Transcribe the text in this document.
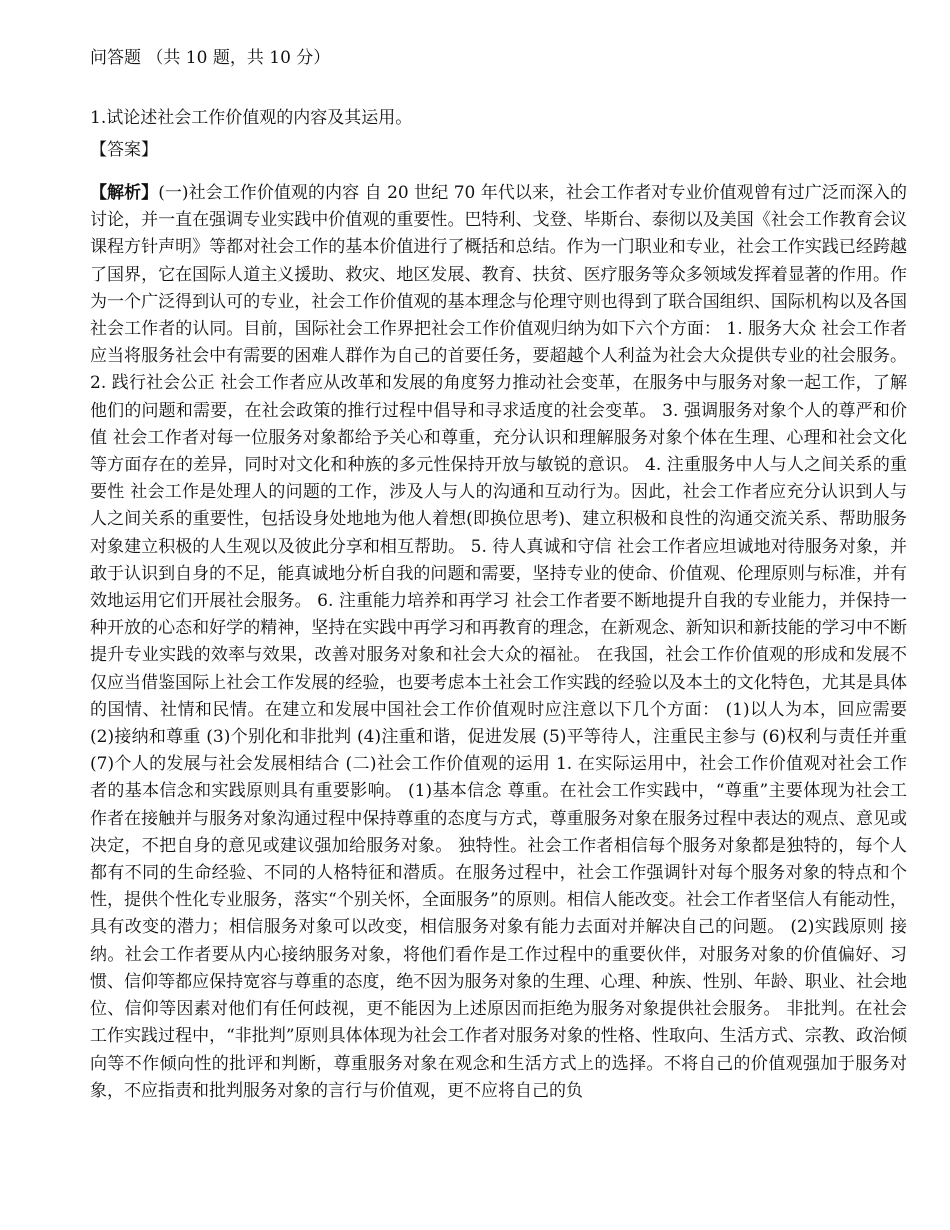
问答题 （共 10 题，共 10 分）
1.试论述社会工作价值观的内容及其运用。
【答案】

【解析】(一)社会工作价值观的内容 自 20 世纪 70 年代以来，社会工作者对专业价值观曾有过广泛而深入的讨论，并一直在强调专业实践中价值观的重要性。巴特利、戈登、毕斯台、泰彻以及美国《社会工作教育会议课程方针声明》等都对社会工作的基本价值进行了概括和总结。作为一门职业和专业，社会工作实践已经跨越了国界，它在国际人道主义援助、救灾、地区发展、教育、扶贫、医疗服务等众多领域发挥着显著的作用。作为一个广泛得到认可的专业，社会工作价值观的基本理念与伦理守则也得到了联合国组织、国际机构以及各国社会工作者的认同。目前，国际社会工作界把社会工作价值观归纳为如下六个方面： 1. 服务大众 社会工作者应当将服务社会中有需要的困难人群作为自己的首要任务，要超越个人利益为社会大众提供专业的社会服务。 2. 践行社会公正 社会工作者应从改革和发展的角度努力推动社会变革，在服务中与服务对象一起工作，了解他们的问题和需要，在社会政策的推行过程中倡导和寻求适度的社会变革。 3. 强调服务对象个人的尊严和价值 社会工作者对每一位服务对象都给予关心和尊重，充分认识和理解服务对象个体在生理、心理和社会文化等方面存在的差异，同时对文化和种族的多元性保持开放与敏锐的意识。 4. 注重服务中人与人之间关系的重要性 社会工作是处理人的问题的工作，涉及人与人的沟通和互动行为。因此，社会工作者应充分认识到人与人之间关系的重要性，包括设身处地地为他人着想(即换位思考)、建立积极和良性的沟通交流关系、帮助服务对象建立积极的人生观以及彼此分享和相互帮助。 5. 待人真诚和守信 社会工作者应坦诚地对待服务对象，并敢于认识到自身的不足，能真诚地分析自我的问题和需要，坚持专业的使命、价值观、伦理原则与标准，并有效地运用它们开展社会服务。 6. 注重能力培养和再学习 社会工作者要不断地提升自我的专业能力，并保持一种开放的心态和好学的精神，坚持在实践中再学习和再教育的理念，在新观念、新知识和新技能的学习中不断提升专业实践的效率与效果，改善对服务对象和社会大众的福祉。 在我国，社会工作价值观的形成和发展不仅应当借鉴国际上社会工作发展的经验，也要考虑本土社会工作实践的经验以及本土的文化特色，尤其是具体的国情、社情和民情。在建立和发展中国社会工作价值观时应注意以下几个方面： (1)以人为本，回应需要 (2)接纳和尊重 (3)个别化和非批判 (4)注重和谐，促进发展 (5)平等待人，注重民主参与 (6)权利与责任并重 (7)个人的发展与社会发展相结合 (二)社会工作价值观的运用 1. 在实际运用中，社会工作价值观对社会工作者的基本信念和实践原则具有重要影响。 (1)基本信念 尊重。在社会工作实践中，“尊重”主要体现为社会工作者在接触并与服务对象沟通过程中保持尊重的态度与方式，尊重服务对象在服务过程中表达的观点、意见或决定，不把自身的意见或建议强加给服务对象。 独特性。社会工作者相信每个服务对象都是独特的，每个人都有不同的生命经验、不同的人格特征和潜质。在服务过程中，社会工作强调针对每个服务对象的特点和个性，提供个性化专业服务，落实“个别关怀，全面服务”的原则。相信人能改变。社会工作者坚信人有能动性，具有改变的潜力；相信服务对象可以改变，相信服务对象有能力去面对并解决自己的问题。 (2)实践原则 接纳。社会工作者要从内心接纳服务对象，将他们看作是工作过程中的重要伙伴，对服务对象的价值偏好、习惯、信仰等都应保持宽容与尊重的态度，绝不因为服务对象的生理、心理、种族、性别、年龄、职业、社会地位、信仰等因素对他们有任何歧视，更不能因为上述原因而拒绝为服务对象提供社会服务。 非批判。在社会工作实践过程中，“非批判”原则具体体现为社会工作者对服务对象的性格、性取向、生活方式、宗教、政治倾向等不作倾向性的批评和判断，尊重服务对象在观念和生活方式上的选择。不将自己的价值观强加于服务对象，不应指责和批判服务对象的言行与价值观，更不应将自己的负
